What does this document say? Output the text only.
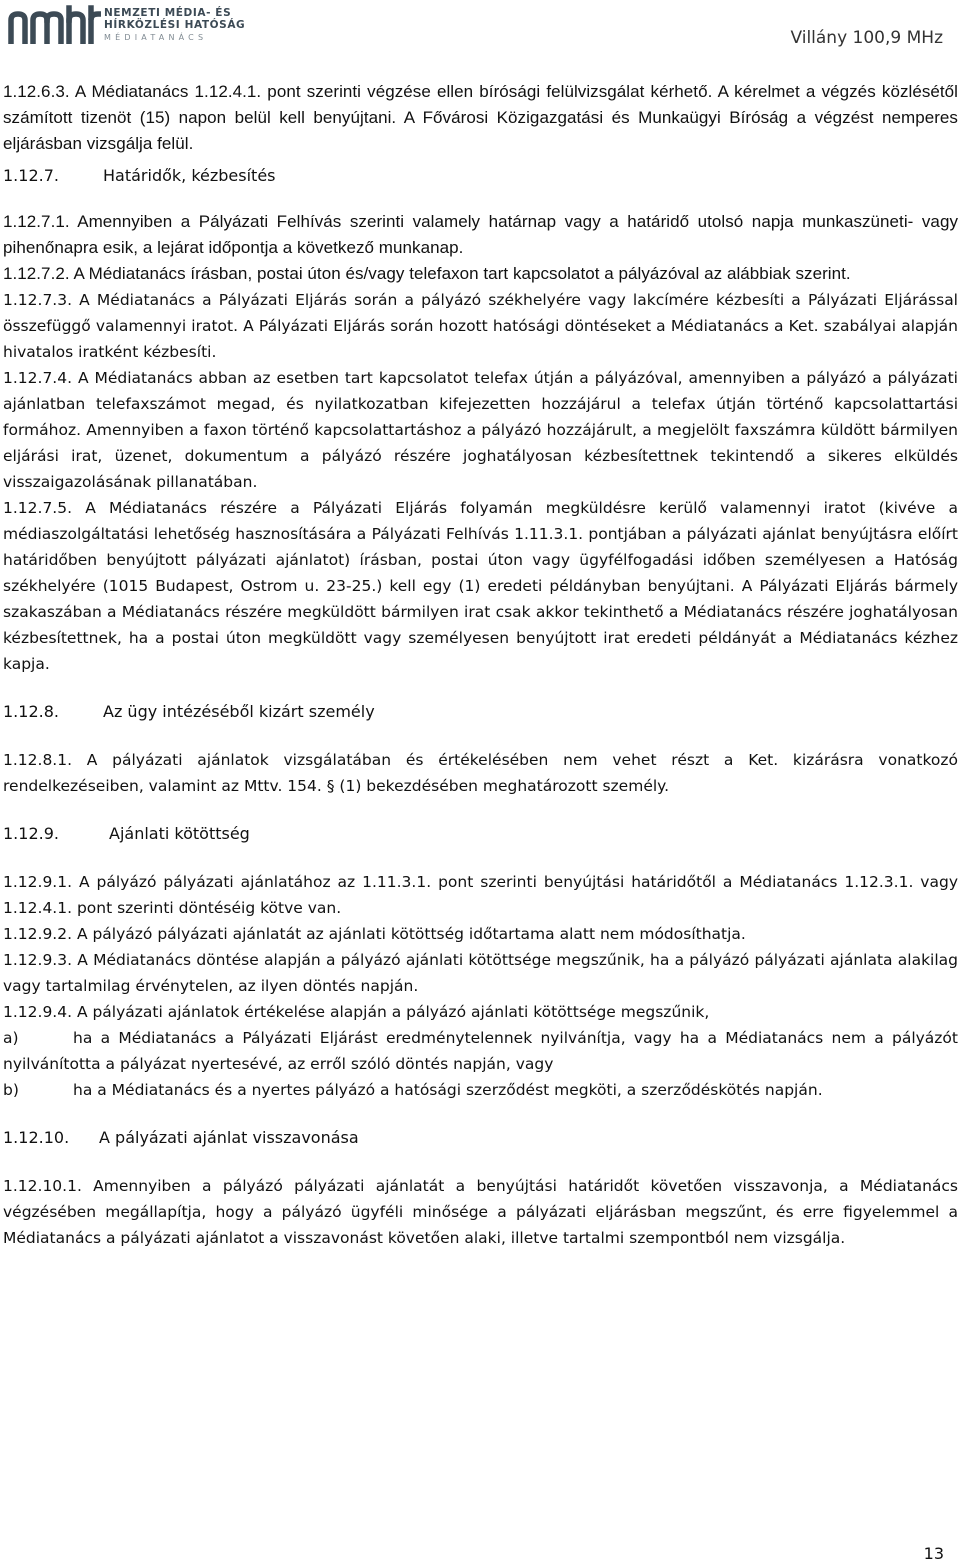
NEMZETI MÉDIA- ÉS
HÍRKÖZLÉSI HATÓSÁG
MÉDIATANÁCS	Villány 100,9 MHz

1.12.6.3. A Médiatanács 1.12.4.1. pont szerinti végzése ellen bírósági felülvizsgálat kérhető. A kérelmet a végzés közlésétől számított tizenöt (15) napon belül kell benyújtani. A Fővárosi Közigazgatási és Munkaügyi Bíróság a végzést nemperes eljárásban vizsgálja felül.

1.12.7.	Határidők, kézbesítés

1.12.7.1. Amennyiben a Pályázati Felhívás szerinti valamely határnap vagy a határidő utolsó napja munkaszüneti- vagy pihenőnapra esik, a lejárat időpontja a következő munkanap.

1.12.7.2. A Médiatanács írásban, postai úton és/vagy telefaxon tart kapcsolatot a pályázóval az alábbiak szerint.

1.12.7.3. A Médiatanács a Pályázati Eljárás során a pályázó székhelyére vagy lakcímére kézbesíti a Pályázati Eljárással összefüggő valamennyi iratot. A Pályázati Eljárás során hozott hatósági döntéseket a Médiatanács a Ket. szabályai alapján hivatalos iratként kézbesíti.

1.12.7.4. A Médiatanács abban az esetben tart kapcsolatot telefax útján a pályázóval, amennyiben a pályázó a pályázati ajánlatban telefaxszámot megad, és nyilatkozatban kifejezetten hozzájárul a telefax útján történő kapcsolattartási formához. Amennyiben a faxon történő kapcsolattartáshoz a pályázó hozzájárult, a megjelölt faxszámra küldött bármilyen eljárási irat, üzenet, dokumentum a pályázó részére joghatályosan kézbesítettnek tekintendő a sikeres elküldés visszaigazolásának pillanatában.

1.12.7.5. A Médiatanács részére a Pályázati Eljárás folyamán megküldésre kerülő valamennyi iratot (kivéve a médiaszolgáltatási lehetőség hasznosítására a Pályázati Felhívás 1.11.3.1. pontjában a pályázati ajánlat benyújtásra előírt határidőben benyújtott pályázati ajánlatot) írásban, postai úton vagy ügyfélfogadási időben személyesen a Hatóság székhelyére (1015 Budapest, Ostrom u. 23-25.) kell egy (1) eredeti példányban benyújtani. A Pályázati Eljárás bármely szakaszában a Médiatanács részére megküldött bármilyen irat csak akkor tekinthető a Médiatanács részére joghatályosan kézbesítettnek, ha a postai úton megküldött vagy személyesen benyújtott irat eredeti példányát a Médiatanács kézhez kapja.

1.12.8.	Az ügy intézéséből kizárt személy

1.12.8.1. A pályázati ajánlatok vizsgálatában és értékelésében nem vehet részt a Ket. kizárásra vonatkozó rendelkezéseiben, valamint az Mttv. 154. § (1) bekezdésében meghatározott személy.

1.12.9.	Ajánlati kötöttség

1.12.9.1. A pályázó pályázati ajánlatához az 1.11.3.1. pont szerinti benyújtási határidőtől a Médiatanács 1.12.3.1. vagy 1.12.4.1. pont szerinti döntéséig kötve van.

1.12.9.2. A pályázó pályázati ajánlatát az ajánlati kötöttség időtartama alatt nem módosíthatja.

1.12.9.3. A Médiatanács döntése alapján a pályázó ajánlati kötöttsége megszűnik, ha a pályázó pályázati ajánlata alakilag vagy tartalmilag érvénytelen, az ilyen döntés napján.

1.12.9.4. A pályázati ajánlatok értékelése alapján a pályázó ajánlati kötöttsége megszűnik,

a)	ha a Médiatanács a Pályázati Eljárást eredménytelennek nyilvánítja, vagy ha a Médiatanács nem a pályázót nyilvánította a pályázat nyertesévé, az erről szóló döntés napján, vagy

b)	ha a Médiatanács és a nyertes pályázó a hatósági szerződést megköti, a szerződéskötés napján.

1.12.10. A pályázati ajánlat visszavonása

1.12.10.1. Amennyiben a pályázó pályázati ajánlatát a benyújtási határidőt követően visszavonja, a Médiatanács végzésében megállapítja, hogy a pályázó ügyféli minősége a pályázati eljárásban megszűnt, és erre figyelemmel a Médiatanács a pályázati ajánlatot a visszavonást követően alaki, illetve tartalmi szempontból nem vizsgálja.

13
